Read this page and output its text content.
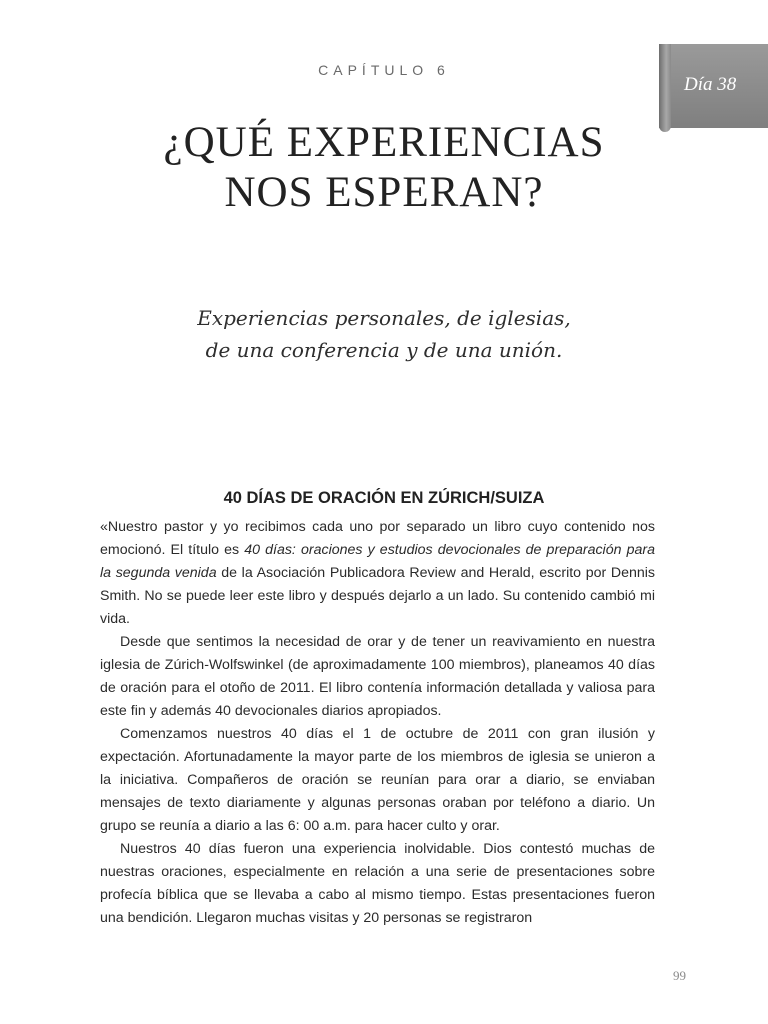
CAPÍTULO 6
¿QUÉ EXPERIENCIAS
NOS ESPERAN?
Día 38
Experiencias personales, de iglesias,
de una conferencia y de una unión.
40 DÍAS DE ORACIÓN EN ZÚRICH/SUIZA

«Nuestro pastor y yo recibimos cada uno por separado un libro cuyo contenido nos emocionó. El título es 40 días: oraciones y estudios devocionales de preparación para la segunda venida de la Asociación Publicadora Review and Herald, escrito por Dennis Smith. No se puede leer este libro y después dejarlo a un lado. Su contenido cambió mi vida.

Desde que sentimos la necesidad de orar y de tener un reavivamiento en nuestra iglesia de Zúrich-Wolfswinkel (de aproximadamente 100 miembros), planeamos 40 días de oración para el otoño de 2011. El libro contenía información detallada y valiosa para este fin y además 40 devocionales diarios apropiados.

Comenzamos nuestros 40 días el 1 de octubre de 2011 con gran ilusión y expectación. Afortunadamente la mayor parte de los miembros de iglesia se unieron a la iniciativa. Compañeros de oración se reunían para orar a diario, se enviaban mensajes de texto diariamente y algunas personas oraban por teléfono a diario. Un grupo se reunía a diario a las 6: 00 a.m. para hacer culto y orar.

Nuestros 40 días fueron una experiencia inolvidable. Dios contestó muchas de nuestras oraciones, especialmente en relación a una serie de presentaciones sobre profecía bíblica que se llevaba a cabo al mismo tiempo. Estas presentaciones fueron una bendición. Llegaron muchas visitas y 20 personas se registraron

99
